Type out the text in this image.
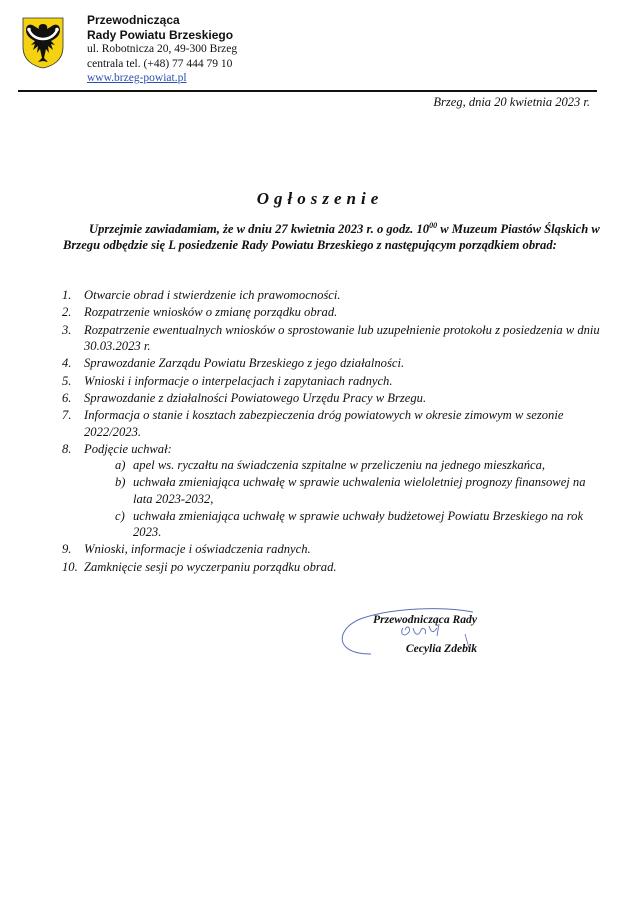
Przewodnicząca
Rady Powiatu Brzeskiego
ul. Robotnicza 20, 49-300 Brzeg
centrala tel. (+48) 77 444 79 10
www.brzeg-powiat.pl
Brzeg, dnia 20 kwietnia 2023 r.
Ogłoszenie
Uprzejmie zawiadamiam, że w dniu 27 kwietnia 2023 r. o godz. $10^{00}$ w Muzeum Piastów Śląskich w Brzegu odbędzie się L posiedzenie Rady Powiatu Brzeskiego z następującym porządkiem obrad:
1. Otwarcie obrad i stwierdzenie ich prawomocności.
2. Rozpatrzenie wniosków o zmianę porządku obrad.
3. Rozpatrzenie ewentualnych wniosków o sprostowanie lub uzupełnienie protokołu z posiedzenia w dniu 30.03.2023 r.
4. Sprawozdanie Zarządu Powiatu Brzeskiego z jego działalności.
5. Wnioski i informacje o interpelacjach i zapytaniach radnych.
6. Sprawozdanie z działalności Powiatowego Urzędu Pracy w Brzegu.
7. Informacja o stanie i kosztach zabezpieczenia dróg powiatowych w okresie zimowym w sezonie 2022/2023.
8. Podjęcie uchwał:
a) apel ws. ryczałtu na świadczenia szpitalne w przeliczeniu na jednego mieszkańca,
b) uchwała zmieniająca uchwałę w sprawie uchwalenia wieloletniej prognozy finansowej na lata 2023-2032,
c) uchwała zmieniająca uchwałę w sprawie uchwały budżetowej Powiatu Brzeskiego na rok 2023.
9. Wnioski, informacje i oświadczenia radnych.
10. Zamknięcie sesji po wyczerpaniu porządku obrad.
Przewodnicząca Rady
Cecylia Zdebik
